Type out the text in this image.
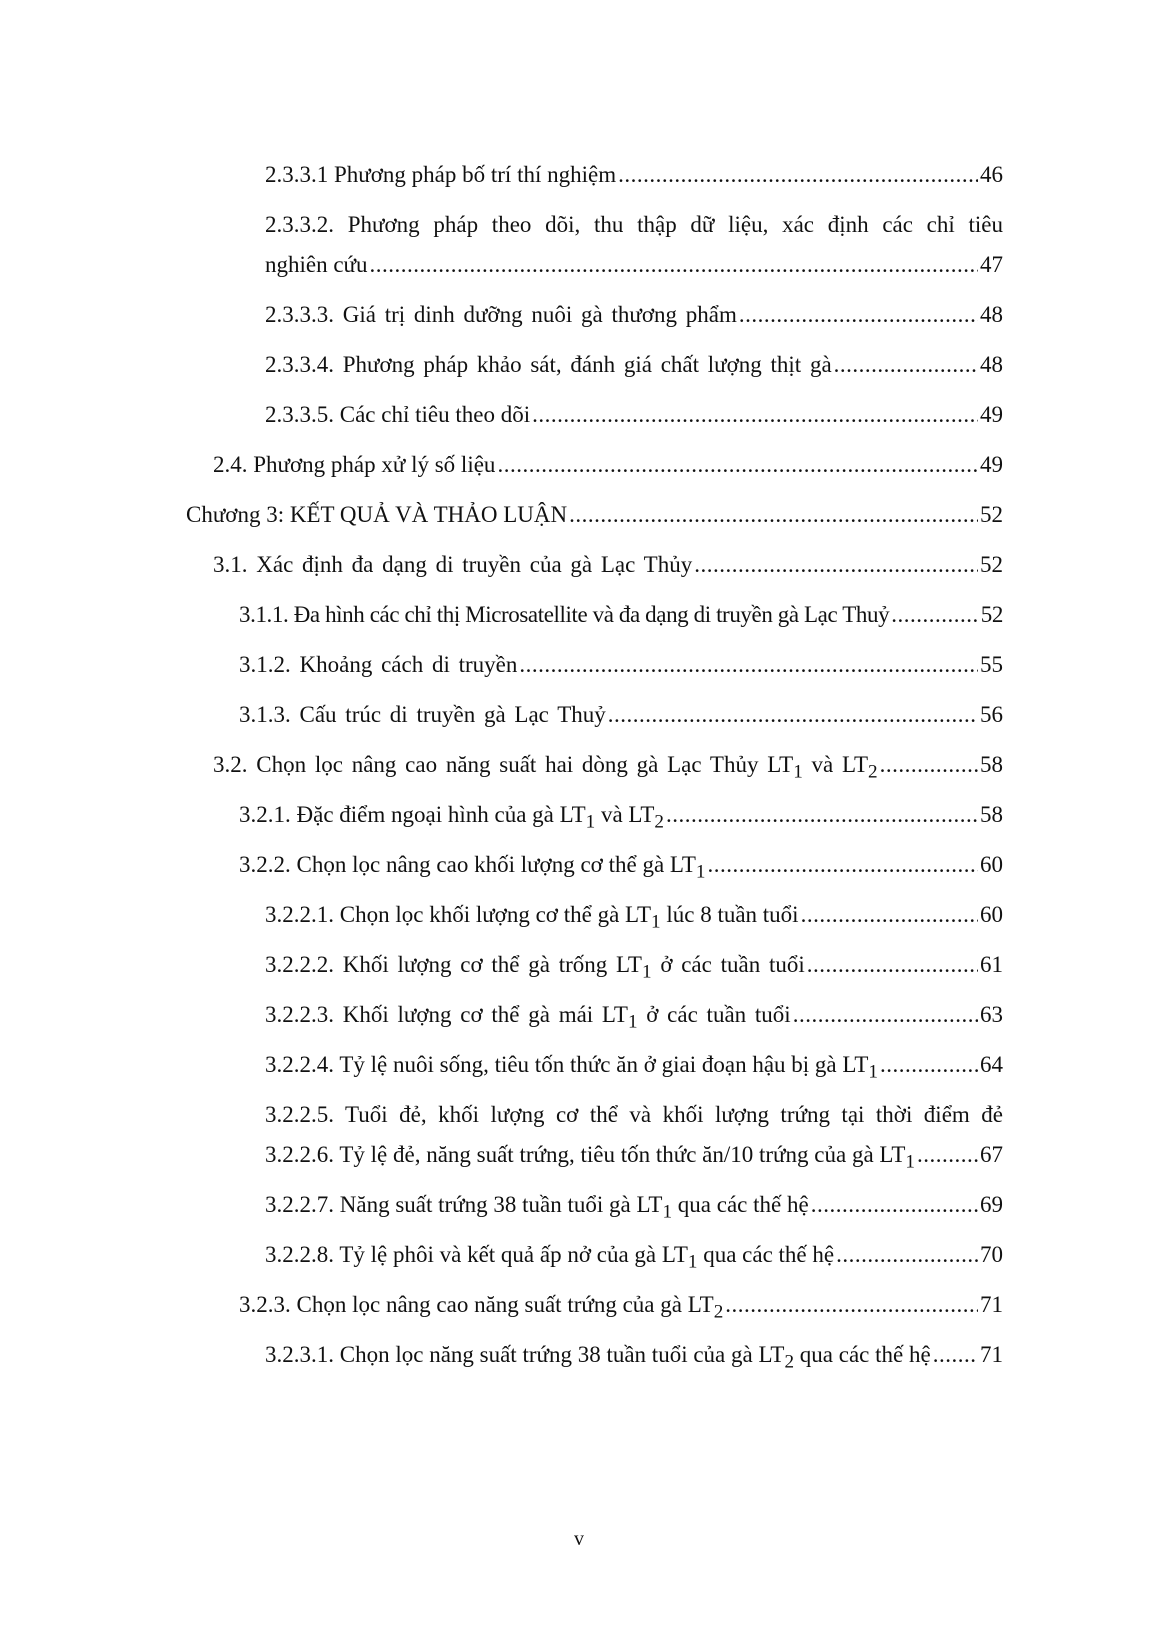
2.3.3.1 Phương pháp bố trí thí nghiệm .....	46
2.3.3.2. Phương pháp theo dõi, thu thập dữ liệu, xác định các chỉ tiêu
nghiên cứu .....	47
2.3.3.3. Giá trị dinh dưỡng nuôi gà thương phẩm .....	48
2.3.3.4. Phương pháp khảo sát, đánh giá chất lượng thịt gà .....	48
2.3.3.5. Các chỉ tiêu theo dõi .....	49
2.4. Phương pháp xử lý số liệu .....	49
Chương 3: KẾT QUẢ VÀ THẢO LUẬN .....	52
3.1. Xác định đa dạng di truyền của gà Lạc Thủy .....	52
3.1.1. Đa hình các chỉ thị Microsatellite và đa dạng di truyền gà Lạc Thuỷ .....	52
3.1.2. Khoảng cách di truyền .....	55
3.1.3. Cấu trúc di truyền gà Lạc Thuỷ .....	56
3.2. Chọn lọc nâng cao năng suất hai dòng gà Lạc Thủy $LT_1$ và $LT_2$ .....	58
3.2.1. Đặc điểm ngoại hình của gà $LT_1$ và $LT_2$ .....	58
3.2.2. Chọn lọc nâng cao khối lượng cơ thể gà $LT_1$ .....	60
3.2.2.1. Chọn lọc khối lượng cơ thể gà $LT_1$ lúc 8 tuần tuổi .....	60
3.2.2.2. Khối lượng cơ thể gà trống $LT_1$ ở các tuần tuổi .....	61
3.2.2.3. Khối lượng cơ thể gà mái $LT_1$ ở các tuần tuổi .....	63
3.2.2.4. Tỷ lệ nuôi sống, tiêu tốn thức ăn ở giai đoạn hậu bị gà $LT_1$ .....	64
3.2.2.5. Tuổi đẻ, khối lượng cơ thể và khối lượng trứng tại thời điểm đẻ
3.2.2.6. Tỷ lệ đẻ, năng suất trứng, tiêu tốn thức ăn/10 trứng của gà $LT_1$ .....	67
3.2.2.7. Năng suất trứng 38 tuần tuổi gà $LT_1$ qua các thế hệ .....	69
3.2.2.8. Tỷ lệ phôi và kết quả ấp nở của gà $LT_1$ qua các thế hệ .....	70
3.2.3. Chọn lọc nâng cao năng suất trứng của gà $LT_2$ .....	71
3.2.3.1. Chọn lọc năng suất trứng 38 tuần tuổi của gà $LT_2$ qua các thế hệ ..... 71
v
